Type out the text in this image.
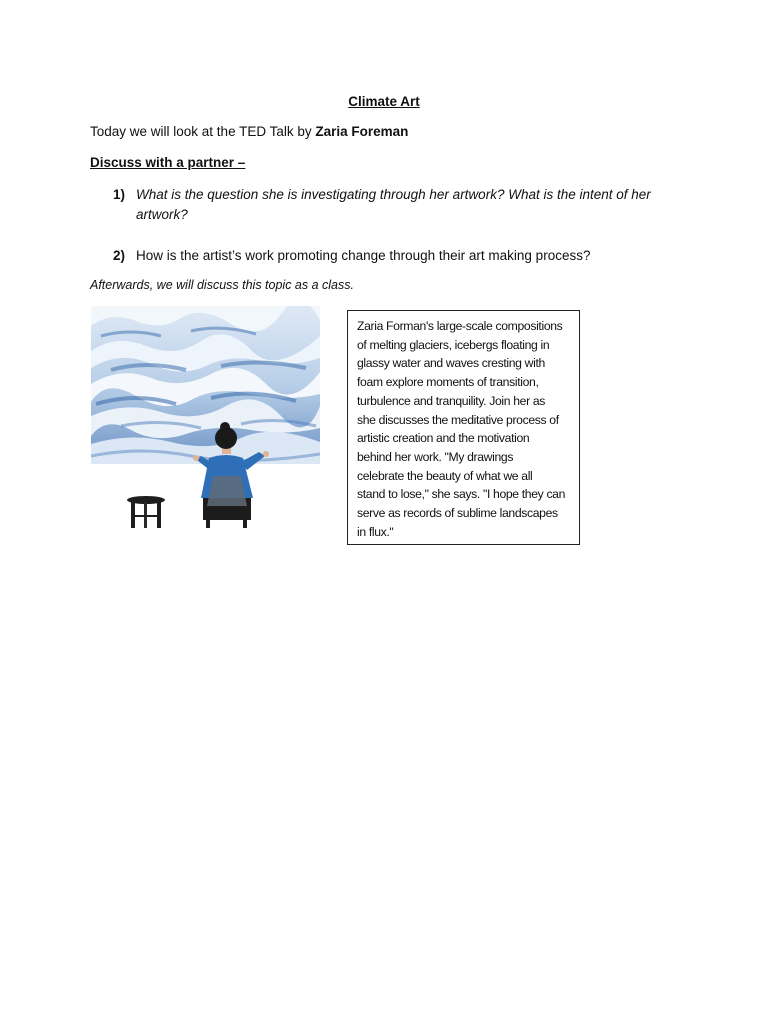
Climate Art
Today we will look at the TED Talk by Zaria Foreman
Discuss with a partner –
1) What is the question she is investigating through her artwork? What is the intent of her artwork?
2) How is the artist’s work promoting change through their art making process?
Afterwards, we will discuss this topic as a class.
Zaria Forman's large-scale compositions
of melting glaciers, icebergs floating in
glassy water and waves cresting with
foam explore moments of transition,
turbulence and tranquility. Join her as
she discusses the meditative process of
artistic creation and the motivation
behind her work. "My drawings
celebrate the beauty of what we all
stand to lose," she says. "I hope they can
serve as records of sublime landscapes
in flux."
